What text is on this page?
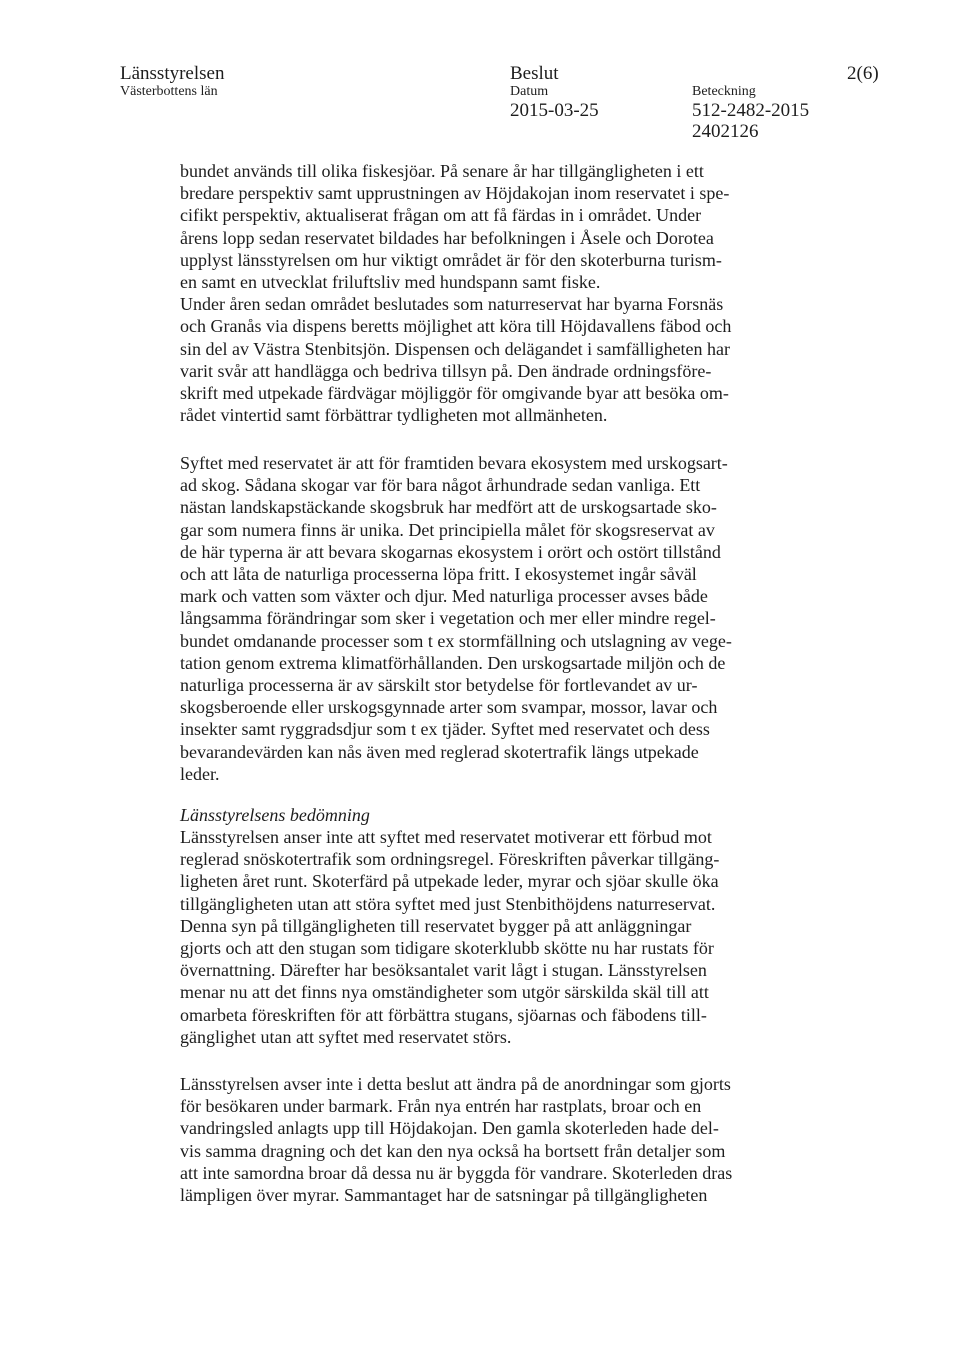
Länsstyrelsen
Västerbottens län
Beslut
Datum
2015-03-25
Beteckning
512-2482-2015
2402126
2(6)

bundet används till olika fiskesjöar. På senare år har tillgängligheten i ett
bredare perspektiv samt upprustningen av Höjdakojan inom reservatet i spe-
cifikt perspektiv, aktualiserat frågan om att få färdas in i området. Under
årens lopp sedan reservatet bildades har befolkningen i Åsele och Dorotea
upplyst länsstyrelsen om hur viktigt området är för den skoterburna turism-
en samt en utvecklat friluftsliv med hundspann samt fiske.
Under åren sedan området beslutades som naturreservat har byarna Forsnäs
och Granås via dispens beretts möjlighet att köra till Höjdavallens fäbod och
sin del av Västra Stenbitsjön. Dispensen och delägandet i samfälligheten har
varit svår att handlägga och bedriva tillsyn på. Den ändrade ordningsföre-
skrift med utpekade färdvägar möjliggör för omgivande byar att besöka om-
rådet vintertid samt förbättrar tydligheten mot allmänheten.

Syftet med reservatet är att för framtiden bevara ekosystem med urskogsart-
ad skog. Sådana skogar var för bara något århundrade sedan vanliga. Ett
nästan landskapstäckande skogsbruk har medfört att de urskogsartade sko-
gar som numera finns är unika. Det principiella målet för skogsreservat av
de här typerna är att bevara skogarnas ekosystem i orört och ostört tillstånd
och att låta de naturliga processerna löpa fritt. I ekosystemet ingår såväl
mark och vatten som växter och djur. Med naturliga processer avses både
långsamma förändringar som sker i vegetation och mer eller mindre regel-
bundet omdanande processer som t ex stormfällning och utslagning av vege-
tation genom extrema klimatförhållanden. Den urskogsartade miljön och de
naturliga processerna är av särskilt stor betydelse för fortlevandet av ur-
skogsberoende eller urskogsgynnade arter som svampar, mossor, lavar och
insekter samt ryggradsdjur som t ex tjäder. Syftet med reservatet och dess
bevarandevärden kan nås även med reglerad skotertrafik längs utpekade
leder.

Länsstyrelsens bedömning

Länsstyrelsen anser inte att syftet med reservatet motiverar ett förbud mot
reglerad snöskotertrafik som ordningsregel. Föreskriften påverkar tillgäng-
ligheten året runt. Skoterfärd på utpekade leder, myrar och sjöar skulle öka
tillgängligheten utan att störa syftet med just Stenbithöjdens naturreservat.
Denna syn på tillgängligheten till reservatet bygger på att anläggningar
gjorts och att den stugan som tidigare skoterklubb skötte nu har rustats för
övernattning. Därefter har besöksantalet varit lågt i stugan. Länsstyrelsen
menar nu att det finns nya omständigheter som utgör särskilda skäl till att
omarbeta föreskriften för att förbättra stugans, sjöarnas och fäbodens till-
gänglighet utan att syftet med reservatet störs.

Länsstyrelsen avser inte i detta beslut att ändra på de anordningar som gjorts
för besökaren under barmark. Från nya entrén har rastplats, broar och en
vandringsled anlagts upp till Höjdakojan. Den gamla skoterleden hade del-
vis samma dragning och det kan den nya också ha bortsett från detaljer som
att inte samordna broar då dessa nu är byggda för vandrare. Skoterleden dras
lämpligen över myrar. Sammantaget har de satsningar på tillgängligheten
